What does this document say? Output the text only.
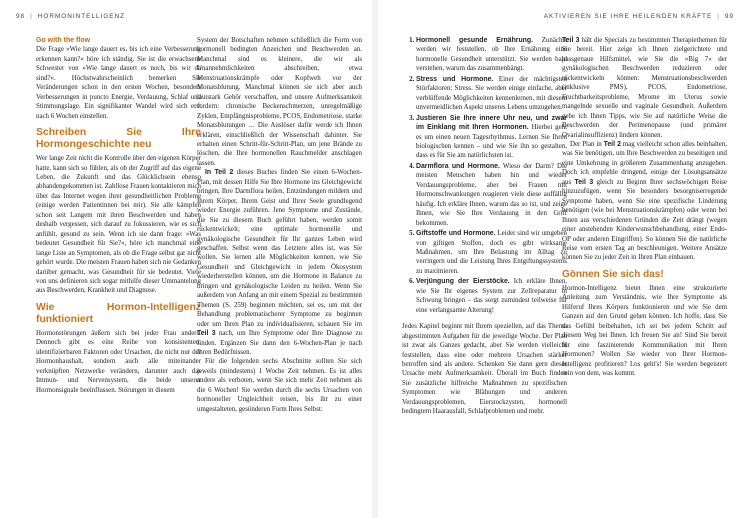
98 | HORMONINTELLIGENZ
Go with the flow

Die Frage »Wie lange dauert es, bis ich eine Verbesserung erkennen kann?« höre ich ständig. Sie ist die erwachsene Schwester von »Wie lange dauert es noch, bis wir da sind?«. Höchstwahrscheinlich bemerken Sie Veränderungen schon in den ersten Wochen, besonders Verbesserungen in puncto Energie, Verdauung, Schlaf und Stimmungslage. Ein signifikanter Wandel wird sich erst nach 6 Wochen einstellen.

Schreiben Sie Ihre Hormongeschichte neu

Wer lange Zeit nicht die Kontrolle über den eigenen Körper hatte, kann sich so fühlen, als ob der Zugriff auf das eigene Leben, die Zukunft und das Glücklichsein ebenso abhandengekommen ist. Zahllose Frauen kontaktieren mich über das Internet wegen ihrer gesundheitlichen Probleme (einige werden Patientinnen bei mir). Sie alle kämpfen schon seit Langem mit ihren Beschwerden und haben deshalb vergessen, sich darauf zu fokussieren, wie es sich anfühlt, gesund zu sein. Wenn ich sie dann frage: »Was bedeutet Gesundheit für Sie?«, höre ich manchmal eine lange Liste an Symptomen, als ob die Frage selbst gar nicht gehört wurde. Die meisten Frauen haben sich nie Gedanken darüber gemacht, was Gesundheit für sie bedeutet. Viele von uns definieren sich sogar mithilfe dieser Ummantelung aus Beschwerden, Krankheit und Diagnose.

Wie Hormon-Intelligenz funktioniert

Hormonstörungen äußern sich bei jeder Frau anders. Dennoch gibt es eine Reihe von konsistenten, identifizierbaren Faktoren oder Ursachen, die nicht nur der Hormonhaushalt, sondern auch alle miteinander verknüpften Netzwerke verändern, darunter auch das Immun- und Nervensystem, die beide unserer Hormonsignale beeinflussen. Störungen in diesem

System der Botschaften nehmen schließlich die Form von hormonell bedingten Anzeichen und Beschwerden an. Manchmal sind es kleinere, die wir als Unannehmlichkeiten abschreiben, etwa Menstruationskrämpfe oder Kopfweh vor der Monatsblutung. Manchmal können sie sich aber auch lautstark Gehör verschaffen, und unsere Aufmerksamkeit fordern: chronische Beckenschmerzen, unregelmäßige Zyklen, Empfängnisprobleme, PCOS, Endometriose, starke Monatsblutungen … Die Auslöser dafür werde ich Ihnen erklären, einschließlich der Wissenschaft dahinter. Sie erhalten einen Schritt-für-Schritt-Plan, um jene Brände zu löschen, die Ihre hormonellen Rauchmelder anschlagen lassen.

In Teil 2 dieses Buches finden Sie einen 6-Wochen-Plan, mit dessen Hilfe Sie Ihre Hormone ins Gleichgewicht bringen, Ihre Darmflora heilen, Entzündungen mildern und Ihrem Körper, Ihrem Geist und Ihrer Seele grundlegend wieder Energie zuführen. Jene Symptome und Zustände, die Sie zu diesem Buch geführt haben, werden somit rückentwickelt; eine optimale hormonelle und gynäkologische Gesundheit für Ihr ganzes Leben wird geschaffen. Selbst wenn das Letztere alles ist, was Sie wollen. Sie lernen alle Möglichkeiten kennen, wie Sie Gesundheit und Gleichgewicht in jedem Ökosystem wiederherstellen können, um die Hormone in Balance zu bringen und gynäkologische Leiden zu heilen. Wenn Sie außerdem von Anfang an mit einem Spezial zu bestimmten Themen (S. 259) beginnen möchten, sei es, um mit der Behandlung problematischerer Symptome zu beginnen oder um Ihren Plan zu individualisieren, schauen Sie im Teil 3 nach, um Ihre Symptome oder Ihre Diagnose zu finden. Ergänzen Sie dann den 6-Wochen-Plan je nach Ihren Bedürfnissen.

Für die folgenden sechs Abschnitte sollten Sie sich jeweils (mindestens) 1 Woche Zeit nehmen. Es ist alles andere als verboten, wenn Sie sich mehr Zeit nehmen als die 6 Wochen! Sie werden durch die sechs Ursachen von hormoneller Ungleichheit reisen, bis ihr zu einer umgestalteten, gesünderen Form Ihres Selbst:

AKTIVIEREN SIE IHRE HEILENDEN KRÄFTE | 99
1. Hormonell gesunde Ernährung. Zunächst werden wir feststellen, ob Ihre Ernährung eine hormonelle Gesundheit unterstützt. Sie werden bald verstehen, warum das zusammenhängt.
2. Stress und Hormone. Einer der mächtigsten Störfaktoren: Stress. Sie werden einige einfache, aber verblüffende Möglichkeiten kennenlernen, mit diesem unvermeidlichen Aspekt unseres Lebens umzugehen.
3. Justieren Sie Ihre innere Uhr neu, und zwar im Einklang mit Ihren Hormonen. Hierbei geht es um einen neuen Tagesrhythmus. Lernen Sie Ihren biologischen kennen – und wie Sie ihn so gestalten, dass es für Sie am natürlichsten ist.
4. Darmflora und Hormone. Wieso der Darm? Die meisten Menschen haben hin und wieder Verdauungsprobleme, aber bei Frauen mit Hormonschwankungen reagieren viele diese auffällig häufig. Ich erkläre Ihnen, warum das so ist, und zeige Ihnen, wie Sie Ihre Verdauung in den Griff bekommen.
5. Giftstoffe und Hormone. Leider sind wir umgeben von giftigen Stoffen, doch es gibt wirksame Maßnahmen, um Ihre Belastung im Alltag zu verringern und die Leistung Ihres Entgiftungssystems zu maximieren.
6. Verjüngung der Eierstöcke. Ich erkläre Ihnen, wie Sie Ihr eigenes System zur Zellreparatur in Schwung bringen – das sorgt zumindest teilweise für eine verlangsamte Alterung!

Jedes Kapitel beginnt mit Ihrem speziellen, auf das Thema abgestimmten Aufgaben für die jeweilige Woche. Der Plan ist zwar als Ganzes gedacht, aber Sie werden vielleicht feststellen, dass eine oder mehrere Ursachen stärker betroffen sind als andere. Schenken Sie dann gern dieser Ursache mehr Aufmerksamkeit. Überall im Buch finden Sie zusätzliche hilfreiche Maßnahmen zu spezifischen Symptomen wie Blähungen und anderen Verdauungsproblemen, Eierstockzysten, hormonell bedingtem Haarausfall, Schlafproblemen und mehr.

Teil 3 hält die Specials zu bestimmten Therapiethemen für Sie bereit. Hier zeige ich Ihnen zielgerichtete und passgenaue Hilfsmittel, wie Sie die »Big 7« der gynäkologischen Beschwerden reduzieren oder rückentwickeln können: Menstruationsbeschwerden (inklusive PMS), PCOS, Endometriose, Fruchtbarkeitsprobleme, Myome im Uterus sowie mangelnde sexuelle und vaginale Gesundheit. Außerdem gebe ich Ihnen Tipps, wie Sie auf natürliche Weise die Beschwerden der Perimenopause (und primärer Ovarialinsuffizienz) lindern können.

Der Plan in Teil 2 mag vielleicht schon alles beinhalten, was Sie benötigen, um Ihre Beschwerden zu beseitigen und eine Umkehrung in größerem Zusammenhang anzugehen. Doch ich empfehle dringend, einige der Lösungsansätze aus Teil 3 gleich zu Beginn Ihrer sechswöchigen Reise hinzuzufügen, wenn Sie besonders besorgniserregende Symptome haben, wenn Sie eine spezifische Linderung benötigen (wie bei Menstruationskrämpfen) oder wenn bei Ihnen aus verschiedenen Gründen die Zeit drängt (wegen einer anstehenden Kinderwunschbehandlung, einer Endo-OP oder anderen Eingriffen). So können Sie die natürliche Reise vom ersten Tag an beschleunigen. Weitere Ansätze können Sie zu jeder Zeit in Ihren Plan einbauen.

Gönnen Sie sich das!

Hormon-Intelligenz bietet Ihnen eine strukturierte Anleitung zum Verständnis, wie Ihre Symptome als Hilferuf Ihres Körpers funktionieren und wie Sie dem Ganzen auf den Grund gehen können. Ich hoffe, dass Sie das Gefühl beibehalten, ich sei bei jedem Schritt auf diesem Weg bei Ihnen. Ich freuen Sie an! Sind Sie bereit für eine faszinierende Kommunikation mit Ihren Hormonen? Wollen Sie wieder von Ihrer Hormon-Intelligenz profitieren? Los geht's! Sie werden begeistert sein von dem, was kommt.
